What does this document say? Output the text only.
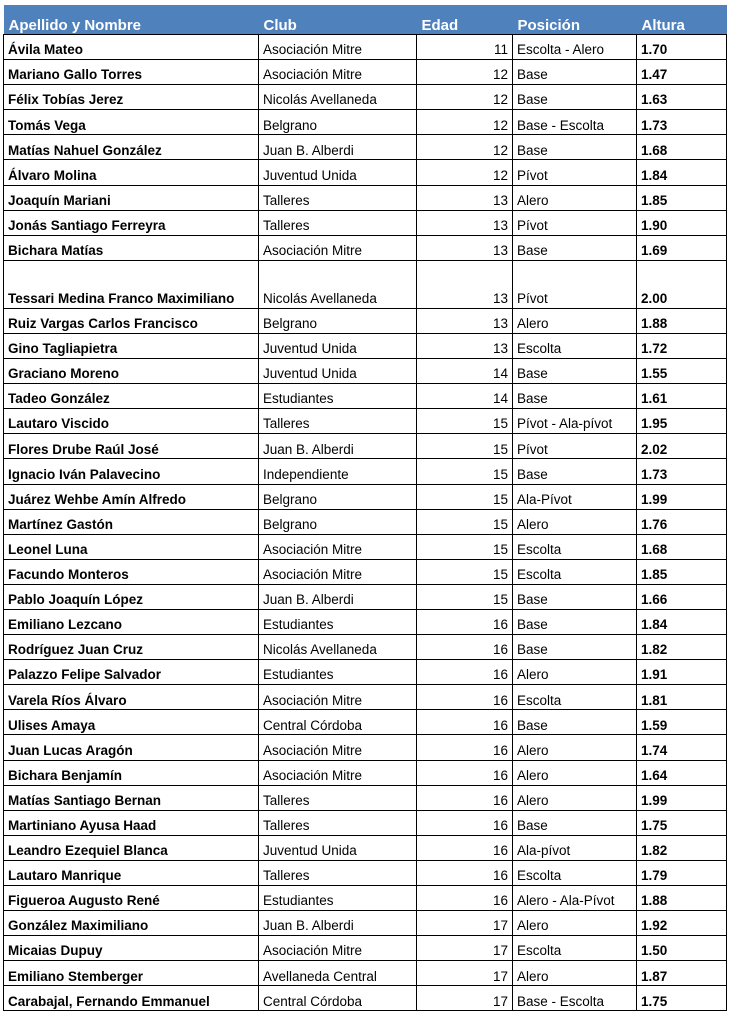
Apellido y Nombre	Club	Edad	Posición	Altura
Ávila Mateo	Asociación Mitre	11	Escolta - Alero	1.70
Mariano Gallo Torres	Asociación Mitre	12	Base	1.47
Félix Tobías Jerez	Nicolás Avellaneda	12	Base	1.63
Tomás Vega	Belgrano	12	Base - Escolta	1.73
Matías Nahuel González	Juan B. Alberdi	12	Base	1.68
Álvaro Molina	Juventud Unida	12	Pívot	1.84
Joaquín Mariani	Talleres	13	Alero	1.85
Jonás Santiago Ferreyra	Talleres	13	Pívot	1.90
Bichara Matías	Asociación Mitre	13	Base	1.69
Tessari Medina Franco Maximiliano	Nicolás Avellaneda	13	Pívot	2.00
Ruiz Vargas Carlos Francisco	Belgrano	13	Alero	1.88
Gino Tagliapietra	Juventud Unida	13	Escolta	1.72
Graciano Moreno	Juventud Unida	14	Base	1.55
Tadeo González	Estudiantes	14	Base	1.61
Lautaro Viscido	Talleres	15	Pívot - Ala-pívot	1.95
Flores Drube Raúl José	Juan B. Alberdi	15	Pívot	2.02
Ignacio Iván Palavecino	Independiente	15	Base	1.73
Juárez Wehbe Amín Alfredo	Belgrano	15	Ala-Pívot	1.99
Martínez Gastón	Belgrano	15	Alero	1.76
Leonel Luna	Asociación Mitre	15	Escolta	1.68
Facundo Monteros	Asociación Mitre	15	Escolta	1.85
Pablo Joaquín López	Juan B. Alberdi	15	Base	1.66
Emiliano Lezcano	Estudiantes	16	Base	1.84
Rodríguez Juan Cruz	Nicolás Avellaneda	16	Base	1.82
Palazzo Felipe Salvador	Estudiantes	16	Alero	1.91
Varela Ríos Álvaro	Asociación Mitre	16	Escolta	1.81
Ulises Amaya	Central Córdoba	16	Base	1.59
Juan Lucas Aragón	Asociación Mitre	16	Alero	1.74
Bichara Benjamín	Asociación Mitre	16	Alero	1.64
Matías Santiago Bernan	Talleres	16	Alero	1.99
Martiniano Ayusa Haad	Talleres	16	Base	1.75
Leandro Ezequiel Blanca	Juventud Unida	16	Ala-pívot	1.82
Lautaro Manrique	Talleres	16	Escolta	1.79
Figueroa Augusto René	Estudiantes	16	Alero - Ala-Pívot	1.88
González Maximiliano	Juan B. Alberdi	17	Alero	1.92
Micaias Dupuy	Asociación Mitre	17	Escolta	1.50
Emiliano Stemberger	Avellaneda Central	17	Alero	1.87
Carabajal, Fernando Emmanuel	Central Córdoba	17	Base - Escolta	1.75
